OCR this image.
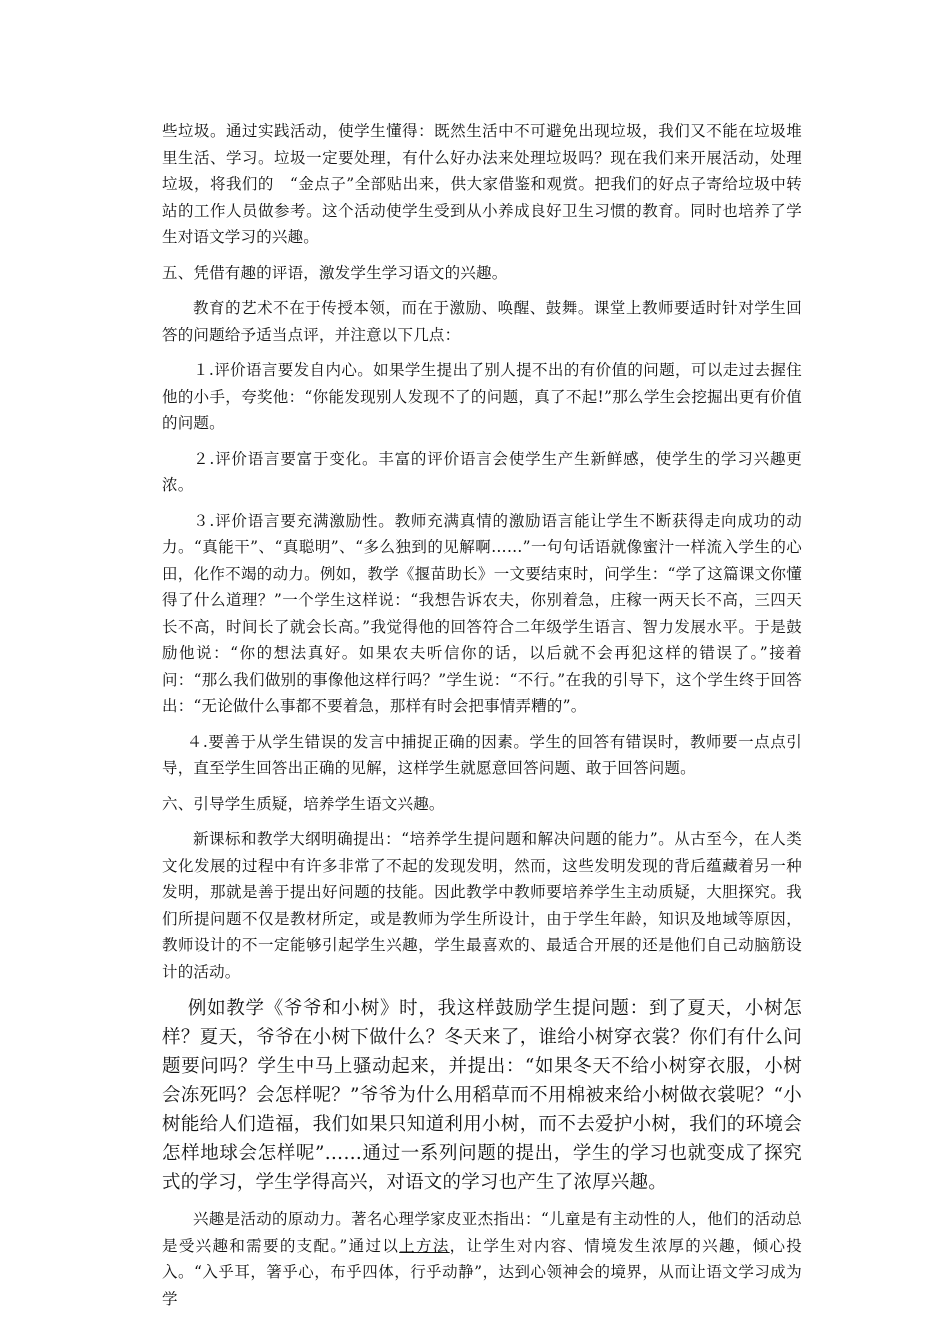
些垃圾。通过实践活动，使学生懂得：既然生活中不可避免出现垃圾，我们又不能在垃圾堆里生活、学习。垃圾一定要处理，有什么好办法来处理垃圾吗？现在我们来开展活动，处理垃圾，将我们的　“金点子”全部贴出来，供大家借鉴和观赏。把我们的好点子寄给垃圾中转站的工作人员做参考。这个活动使学生受到从小养成良好卫生习惯的教育。同时也培养了学生对语文学习的兴趣。

五、凭借有趣的评语，激发学生学习语文的兴趣。

教育的艺术不在于传授本领，而在于激励、唤醒、鼓舞。课堂上教师要适时针对学生回答的问题给予适当点评，并注意以下几点：

１.评价语言要发自内心。如果学生提出了别人提不出的有价值的问题，可以走过去握住他的小手，夸奖他：“你能发现别人发现不了的问题，真了不起!”那么学生会挖掘出更有价值的问题。

２.评价语言要富于变化。丰富的评价语言会使学生产生新鲜感，使学生的学习兴趣更浓。

３.评价语言要充满激励性。教师充满真情的激励语言能让学生不断获得走向成功的动力。“真能干”、“真聪明”、“多么独到的见解啊……”一句句话语就像蜜汁一样流入学生的心田，化作不竭的动力。例如，教学《揠苗助长》一文要结束时，问学生：“学了这篇课文你懂得了什么道理？”一个学生这样说：“我想告诉农夫，你别着急，庄稼一两天长不高，三四天长不高，时间长了就会长高。”我觉得他的回答符合二年级学生语言、智力发展水平。于是鼓励他说：“你的想法真好。如果农夫听信你的话，以后就不会再犯这样的错误了。”接着问：“那么我们做别的事像他这样行吗？”学生说：“不行。”在我的引导下，这个学生终于回答出：“无论做什么事都不要着急，那样有时会把事情弄糟的”。

４.要善于从学生错误的发言中捕捉正确的因素。学生的回答有错误时，教师要一点点引导，直至学生回答出正确的见解，这样学生就愿意回答问题、敢于回答问题。

六、引导学生质疑，培养学生语文兴趣。

新课标和教学大纲明确提出：“培养学生提问题和解决问题的能力”。从古至今，在人类文化发展的过程中有许多非常了不起的发现发明，然而，这些发明发现的背后蕴藏着另一种发明，那就是善于提出好问题的技能。因此教学中教师要培养学生主动质疑，大胆探究。我们所提问题不仅是教材所定，或是教师为学生所设计，由于学生年龄，知识及地域等原因，教师设计的不一定能够引起学生兴趣，学生最喜欢的、最适合开展的还是他们自己动脑筋设计的活动。

例如教学《爷爷和小树》时，我这样鼓励学生提问题：到了夏天，小树怎样？夏天，爷爷在小树下做什么？冬天来了，谁给小树穿衣裳？你们有什么问题要问吗？学生中马上骚动起来，并提出：“如果冬天不给小树穿衣服，小树会冻死吗？会怎样呢？”爷爷为什么用稻草而不用棉被来给小树做衣裳呢？“小树能给人们造福，我们如果只知道利用小树，而不去爱护小树，我们的环境会怎样地球会怎样呢”……通过一系列问题的提出，学生的学习也就变成了探究式的学习，学生学得高兴，对语文的学习也产生了浓厚兴趣。

兴趣是活动的原动力。著名心理学家皮亚杰指出：“儿童是有主动性的人，他们的活动总是受兴趣和需要的支配。”通过以上方法，让学生对内容、情境发生浓厚的兴趣，倾心投入。“入乎耳，箸乎心，布乎四体，行乎动静”，达到心领神会的境界，从而让语文学习成为学
